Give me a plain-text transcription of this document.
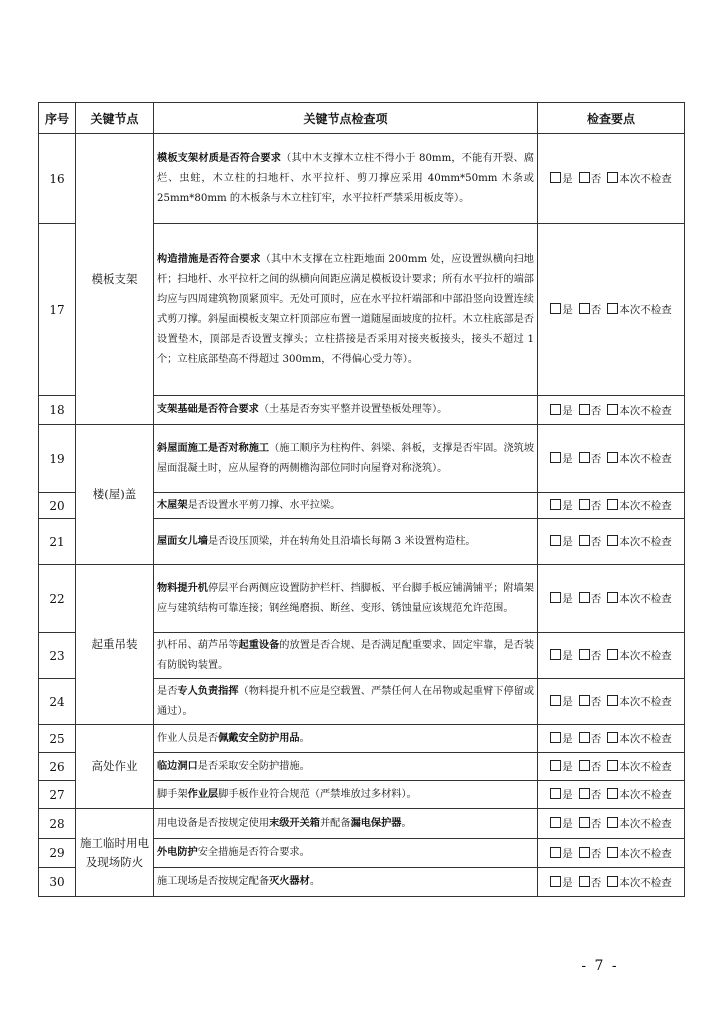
序号	关键节点	关键节点检查项	检查要点
16	模板支架	模板支架材质是否符合要求（其中木支撑木立柱不得小于 80mm，不能有开裂、腐烂、虫蛀，木立柱的扫地杆、水平拉杆、剪刀撑应采用 40mm*50mm 木条或 25mm*80mm 的木板条与木立柱钉牢，水平拉杆严禁采用板皮等）。	是 否 本次不检查
17		构造措施是否符合要求（其中木支撑在立柱距地面 200mm 处，应设置纵横向扫地杆；扫地杆、水平拉杆之间的纵横向间距应满足模板设计要求；所有水平拉杆的端部均应与四周建筑物顶紧顶牢。无处可顶时，应在水平拉杆端部和中部沿竖向设置连续式剪刀撑。斜屋面模板支架立杆顶部应布置一道随屋面坡度的拉杆。木立柱底部是否设置垫木，顶部是否设置支撑头；立柱搭接是否采用对接夹板接头，接头不超过 1 个；立柱底部垫高不得超过 300mm，不得偏心受力等）。	是 否 本次不检查
18		支架基础是否符合要求（土基是否夯实平整并设置垫板处理等）。	是 否 本次不检查
19	楼(屋)盖	斜屋面施工是否对称施工（施工顺序为柱构件、斜梁、斜板，支撑是否牢固。浇筑坡屋面混凝土时，应从屋脊的两侧檐沟部位同时向屋脊对称浇筑）。	是 否 本次不检查
20		木屋架是否设置水平剪刀撑、水平拉梁。	是 否 本次不检查
21		屋面女儿墙是否设压顶梁，并在转角处且沿墙长每隔 3 米设置构造柱。	是 否 本次不检查
22	起重吊装	物料提升机停层平台两侧应设置防护栏杆、挡脚板、平台脚手板应铺满铺平；附墙架应与建筑结构可靠连接；钢丝绳磨损、断丝、变形、锈蚀量应该规范允许范围。	是 否 本次不检查
23		扒杆吊、葫芦吊等起重设备的放置是否合规、是否满足配重要求、固定牢靠，是否装有防脱钩装置。	是 否 本次不检查
24		是否专人负责指挥（物料提升机不应是空载置、严禁任何人在吊物或起重臂下停留或通过）。	是 否 本次不检查
25	高处作业	作业人员是否佩戴安全防护用品。	是 否 本次不检查
26		临边洞口是否采取安全防护措施。	是 否 本次不检查
27		脚手架作业层脚手板作业符合规范（严禁堆放过多材料）。	是 否 本次不检查
28	施工临时用电及现场防火	用电设备是否按规定使用末级开关箱并配备漏电保护器。	是 否 本次不检查
29		外电防护安全措施是否符合要求。	是 否 本次不检查
30		施工现场是否按规定配备灭火器材。	是 否 本次不检查
- 7 -
